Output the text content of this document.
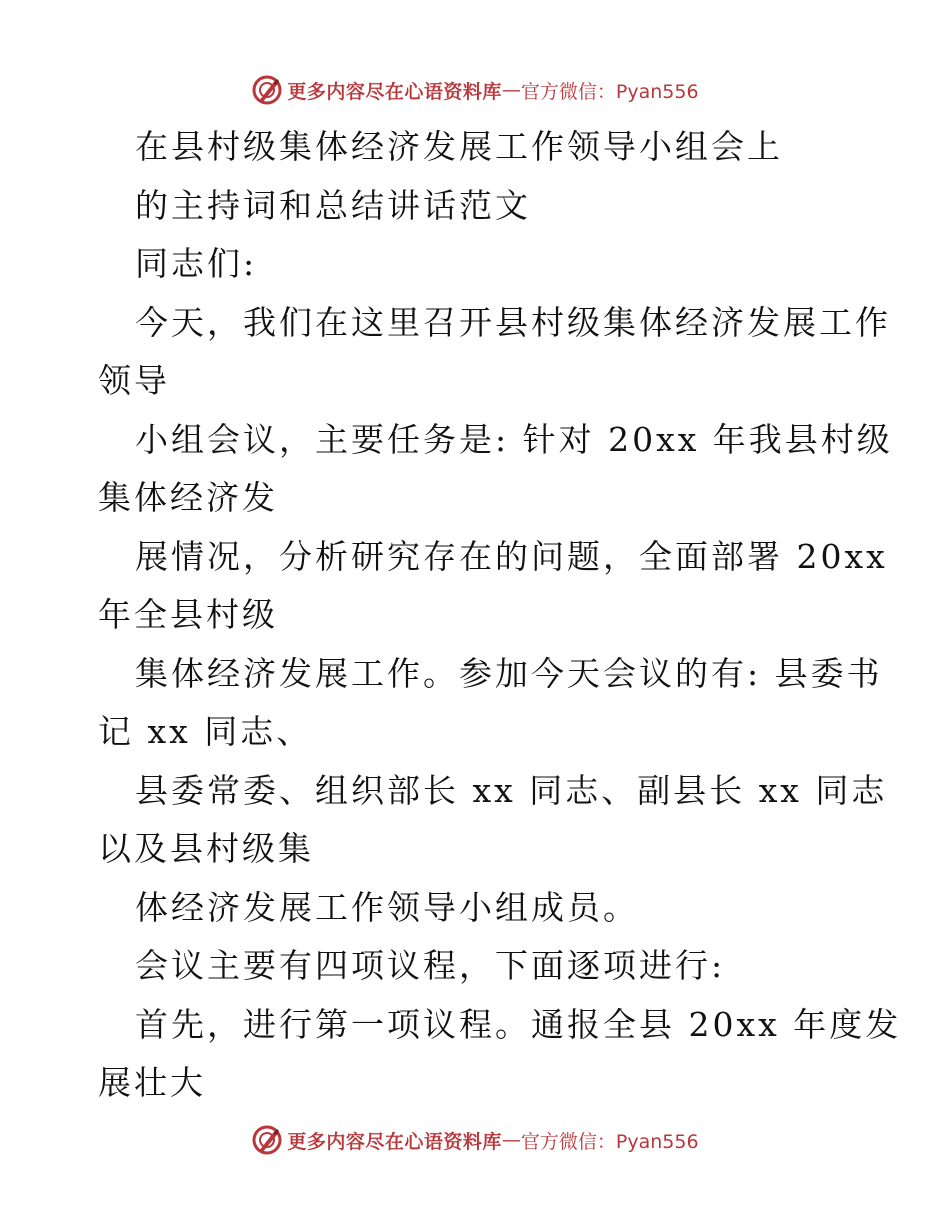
更多内容尽在心语资料库 — 官方微信：Pyan556
在县村级集体经济发展工作领导小组会上
的主持词和总结讲话范文
同志们:
今天，我们在这里召开县村级集体经济发展工作
领导
小组会议，主要任务是: 针对 20xx 年我县村级
集体经济发
展情况，分析研究存在的问题，全面部署 20xx
年全县村级
集体经济发展工作。参加今天会议的有: 县委书
记 xx 同志、
县委常委、组织部长 xx 同志、副县长 xx 同志
以及县村级集
体经济发展工作领导小组成员。
会议主要有四项议程，下面逐项进行:
首先，进行第一项议程。通报全县 20xx 年度发
展壮大
更多内容尽在心语资料库 — 官方微信：Pyan556
